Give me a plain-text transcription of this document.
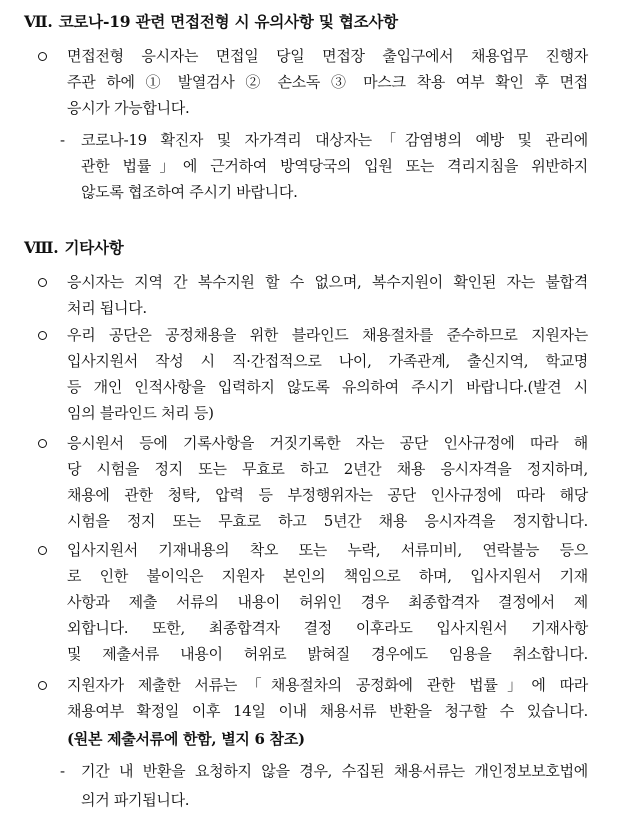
Ⅶ. 코로나-19 관련 면접전형 시 유의사항 및 협조사항
면접전형 응시자는 면접일 당일 면접장 출입구에서 채용업무 진행자
주관 하에 ① 발열검사 ② 손소독 ③ 마스크 착용 여부 확인 후 면접
응시가 가능합니다.
- 코로나-19 확진자 및 자가격리 대상자는「감염병의 예방 및 관리에
관한 법률」에 근거하여 방역당국의 입원 또는 격리지침을 위반하지
않도록 협조하여 주시기 바랍니다.
Ⅷ. 기타사항
응시자는 지역 간 복수지원 할 수 없으며, 복수지원이 확인된 자는 불합격
처리 됩니다.
우리 공단은 공정채용을 위한 블라인드 채용절차를 준수하므로 지원자는
입사지원서 작성 시 직·간접적으로 나이, 가족관계, 출신지역, 학교명
등 개인 인적사항을 입력하지 않도록 유의하여 주시기 바랍니다.(발견 시
임의 블라인드 처리 등)
응시원서 등에 기록사항을 거짓기록한 자는 공단 인사규정에 따라 해
당 시험을 정지 또는 무효로 하고 2년간 채용 응시자격을 정지하며,
채용에 관한 청탁, 압력 등 부정행위자는 공단 인사규정에 따라 해당
시험을 정지 또는 무효로 하고 5년간 채용 응시자격을 정지합니다.
입사지원서 기재내용의 착오 또는 누락, 서류미비, 연락불능 등으
로 인한 불이익은 지원자 본인의 책임으로 하며, 입사지원서 기재
사항과 제출 서류의 내용이 허위인 경우 최종합격자 결정에서 제
외합니다. 또한, 최종합격자 결정 이후라도 입사지원서 기재사항
및 제출서류 내용이 허위로 밝혀질 경우에도 임용을 취소합니다.
지원자가 제출한 서류는「채용절차의 공정화에 관한 법률」에 따라
채용여부 확정일 이후 14일 이내 채용서류 반환을 청구할 수 있습니다.
(원본 제출서류에 한함, 별지 6 참조)
- 기간 내 반환을 요청하지 않을 경우, 수집된 채용서류는 개인정보보호법에
의거 파기됩니다.
